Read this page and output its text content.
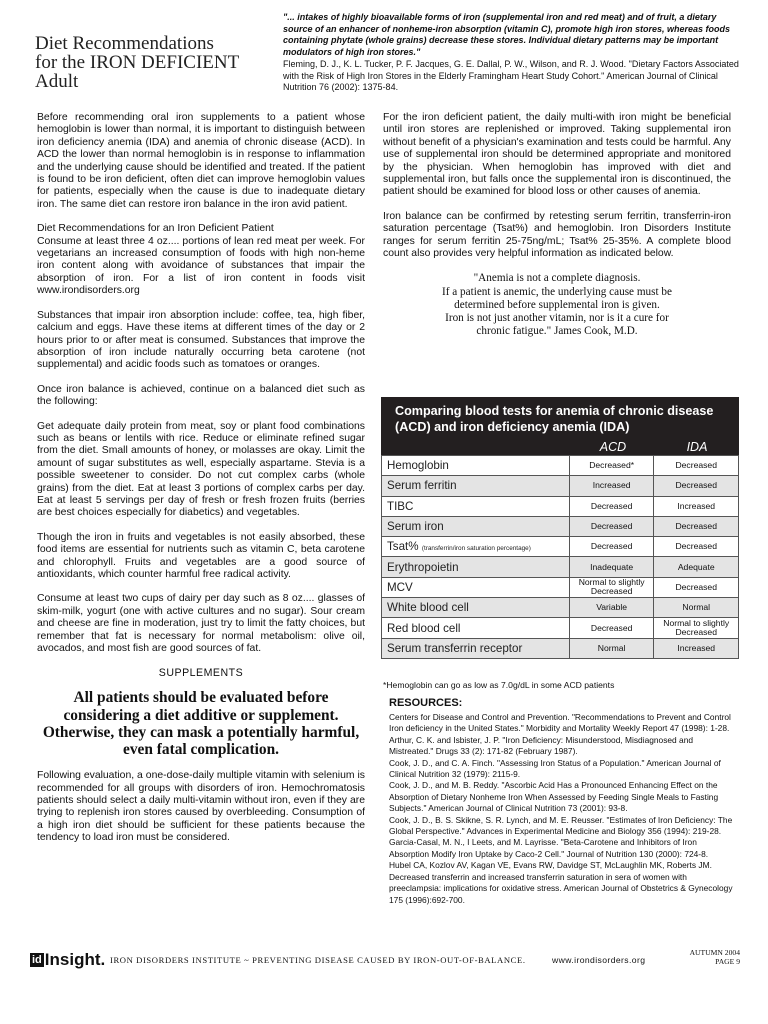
Diet Recommendations
for the IRON DEFICIENT
Adult
"... intakes of highly bioavailable forms of iron (supplemental iron and red meat) and of fruit, a dietary source of an enhancer of nonheme-iron absorption (vitamin C), promote high iron stores, whereas foods containing phytate (whole grains) decrease these stores. Individual dietary patterns may be important modulators of high iron stores."
Fleming, D. J., K. L. Tucker, P. F. Jacques, G. E. Dallal, P. W., Wilson, and R. J. Wood. "Dietary Factors Associated with the Risk of High Iron Stores in the Elderly Framingham Heart Study Cohort." American Journal of Clinical Nutrition 76 (2002): 1375-84.

Before recommending oral iron supplements to a patient whose hemoglobin is lower than normal, it is important to distinguish between iron deficiency anemia (IDA) and anemia of chronic disease (ACD). In ACD the lower than normal hemoglobin is in response to inflammation and the underlying cause should be identified and treated. If the patient is found to be iron deficient, often diet can improve hemoglobin values for patients, especially when the cause is due to inadequate dietary iron. The same diet can restore iron balance in the iron avid patient.

Diet Recommendations for an Iron Deficient Patient

Consume at least three 4 oz.... portions of lean red meat per week. For vegetarians an increased consumption of foods with high non-heme iron content along with avoidance of substances that impair the absorption of iron. For a list of iron content in foods visit www.irondisorders.org

Substances that impair iron absorption include: coffee, tea, high fiber, calcium and eggs. Have these items at different times of the day or 2 hours prior to or after meat is consumed. Substances that improve the absorption of iron include naturally occurring beta carotene (not supplemental) and acidic foods such as tomatoes or oranges.

Once iron balance is achieved, continue on a balanced diet such as the following:

Get adequate daily protein from meat, soy or plant food combinations such as beans or lentils with rice. Reduce or eliminate refined sugar from the diet. Small amounts of honey, or molasses are okay. Limit the amount of sugar substitutes as well, especially aspartame. Stevia is a possible sweetener to consider. Do not cut complex carbs (whole grains) from the diet. Eat at least 3 portions of complex carbs per day. Eat at least 5 servings per day of fresh or fresh frozen fruits (berries are best choices especially for diabetics) and vegetables.

Though the iron in fruits and vegetables is not easily absorbed, these food items are essential for nutrients such as vitamin C, beta carotene and chlorophyll. Fruits and vegetables are a good source of antioxidants, which counter harmful free radical activity.

Consume at least two cups of dairy per day such as 8 oz.... glasses of skim-milk, yogurt (one with active cultures and no sugar). Sour cream and cheese are fine in moderation, just try to limit the fatty choices, but remember that fat is necessary for normal metabolism: olive oil, avocados, and most fish are good sources of fat.

SUPPLEMENTS
All patients should be evaluated before considering a diet additive or supplement. Otherwise, they can mask a potentially harmful, even fatal complication.

Following evaluation, a one-dose-daily multiple vitamin with selenium is recommended for all groups with disorders of iron. Hemochromatosis patients should select a daily multi-vitamin without iron, even if they are trying to replenish iron stores caused by overbleeding. Consumption of a high iron diet should be sufficient for these patients because the tendency to load iron must be considered.

For the iron deficient patient, the daily multi-with iron might be beneficial until iron stores are replenished or improved. Taking supplemental iron without benefit of a physician's examination and tests could be harmful. Any use of supplemental iron should be determined appropriate and monitored by the physician. When hemoglobin has improved with diet and supplemental iron, but falls once the supplemental iron is discontinued, the patient should be examined for blood loss or other causes of anemia.

Iron balance can be confirmed by retesting serum ferritin, transferrin-iron saturation percentage (Tsat%) and hemoglobin. Iron Disorders Institute ranges for serum ferritin 25-75ng/mL; Tsat% 25-35%. A complete blood count also provides very helpful information as indicated below.

"Anemia is not a complete diagnosis.
If a patient is anemic, the underlying cause must be
determined before supplemental iron is given.
Iron is not just another vitamin, nor is it a cure for
chronic fatigue." James Cook, M.D.
Comparing blood tests for anemia of chronic disease (ACD) and iron deficiency anemia (IDA)
ACD	IDA
Hemoglobin	Decreased*	Decreased
Serum ferritin	Increased	Decreased
TIBC	Decreased	Increased
Serum iron	Decreased	Decreased
Tsat% (transferrin/iron saturation percentage)	Decreased	Decreased
Erythropoietin	Inadequate	Adequate
MCV	Normal to slightly Decreased	Decreased
White blood cell	Variable	Normal
Red blood cell	Decreased	Normal to slightly Decreased
Serum transferrin receptor	Normal	Increased
*Hemoglobin can go as low as 7.0g/dL in some ACD patients
RESOURCES:
Centers for Disease and Control and Prevention. "Recommendations to Prevent and Control Iron deficiency in the United States." Morbidity and Mortality Weekly Report 47 (1998): 1-28.
Arthur, C. K. and Isbister, J. P. "Iron Deficiency: Misunderstood, Misdiagnosed and Mistreated." Drugs 33 (2): 171-82 (February 1987).
Cook, J. D., and C. A. Finch. "Assessing Iron Status of a Population." American Journal of Clinical Nutrition 32 (1979): 2115-9.
Cook, J. D., and M. B. Reddy. "Ascorbic Acid Has a Pronounced Enhancing Effect on the Absorption of Dietary Nonheme Iron When Assessed by Feeding Single Meals to Fasting Subjects." American Journal of Clinical Nutrition 73 (2001): 93-8.
Cook, J. D., B. S. Skikne, S. R. Lynch, and M. E. Reusser. "Estimates of Iron Deficiency: The Global Perspective." Advances in Experimental Medicine and Biology 356 (1994): 219-28.
Garcia-Casal, M. N., I Leets, and M. Layrisse. "Beta-Carotene and Inhibitors of Iron Absorption Modify Iron Uptake by Caco-2 Cell." Journal of Nutrition 130 (2000): 724-8.
Hubel CA, Kozlov AV, Kagan VE, Evans RW, Davidge ST, McLaughlin MK, Roberts JM. Decreased transferrin and increased transferrin saturation in sera of women with preeclampsia: implications for oxidative stress. American Journal of Obstetrics & Gynecology 175 (1996):692-700.
id Insight. IRON DISORDERS INSTITUTE ~ PREVENTING DISEASE CAUSED BY IRON-OUT-OF-BALANCE.	www.irondisorders.org
AUTUMN 2004
PAGE 9
